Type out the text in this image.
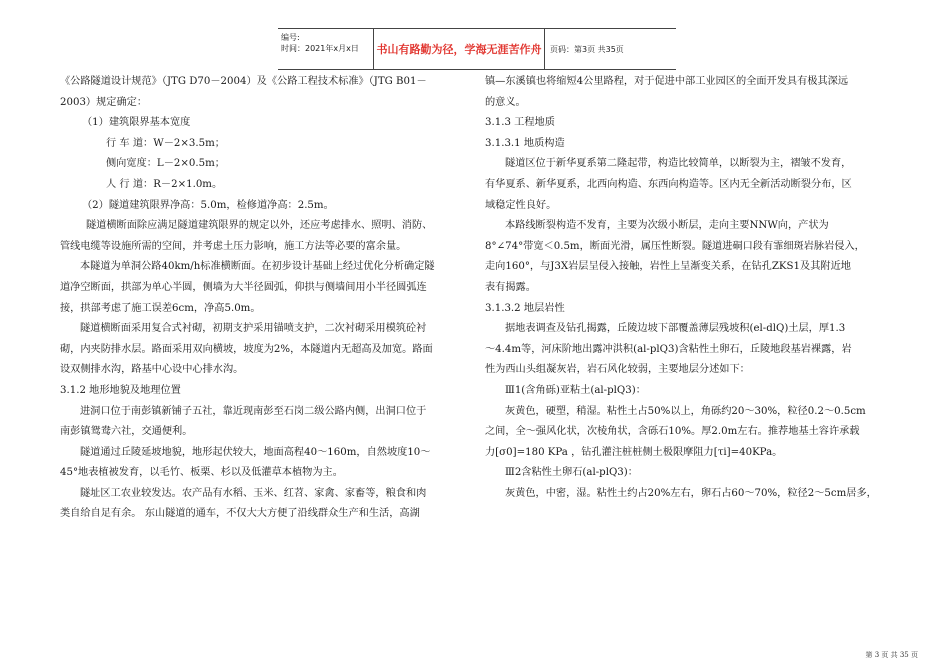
编号:
时间：2021年x月x日	书山有路勤为径，学海无涯苦作舟	页码：第3页 共35页

《公路隧道设计规范》（JTG D70－2004）及《公路工程技术标准》（JTG B01－

2003）规定确定：

（1）建筑限界基本宽度

行 车 道：W－2×3.5m；

侧向宽度：L－2×0.5m；

人 行 道：R－2×1.0m。

（2）隧道建筑限界净高：5.0m，检修道净高：2.5m。

隧道横断面除应满足隧道建筑限界的规定以外，还应考虑排水、照明、消防、

管线电缆等设施所需的空间，并考虑土压力影响，施工方法等必要的富余量。

本隧道为单洞公路40km/h标准横断面。在初步设计基础上经过优化分析确定隧

道净空断面，拱部为单心半圆，侧墙为大半径圆弧，仰拱与侧墙间用小半径圆弧连

接，拱部考虑了施工误差6cm，净高5.0m。

隧道横断面采用复合式衬砌，初期支护采用锚喷支护，二次衬砌采用模筑砼衬

砌，内夹防排水层。路面采用双向横坡，坡度为2%，本隧道内无超高及加宽。路面

设双侧排水沟，路基中心设中心排水沟。

3.1.2 地形地貌及地理位置

进洞口位于南彭镇新铺子五社，靠近现南彭至石岗二级公路内侧，出洞口位于

南彭镇鸳鸯六社，交通便利。

隧道通过丘陵延坡地貌，地形起伏较大，地面高程40～160m，自然坡度10～

45°地表植被发育，以毛竹、板栗、杉以及低灌草本植物为主。

隧址区工农业较发达。农产品有水稻、玉米、红苕、家禽、家畜等，粮食和肉

类自给自足有余。 东山隧道的通车，不仅大大方便了沿线群众生产和生活，高湖

镇—东溪镇也将缩短4公里路程，对于促进中部工业园区的全面开发具有极其深远

的意义。

3.1.3 工程地质

3.1.3.1 地质构造

隧道区位于新华夏系第二隆起带，构造比较简单，以断裂为主，褶皱不发育，

有华夏系、新华夏系，北西向构造、东西向构造等。区内无全新活动断裂分布，区

域稳定性良好。

本路线断裂构造不发育，主要为次级小断层，走向主要NNW向，产状为

8°∠74°带宽＜0.5m，断面光滑，属压性断裂。隧道进硐口段有霏细斑岩脉岩侵入，

走向160°，与J3X岩层呈侵入接触，岩性上呈渐变关系，在钻孔ZKS1及其附近地

表有揭露。

3.1.3.2 地层岩性

据地表调查及钻孔揭露，丘陵边坡下部覆盖薄层残坡积(el-dlQ)土层，厚1.3

～4.4m等，河床阶地出露冲洪积(al-plQ3)含粘性土卵石，丘陵地段基岩裸露，岩

性为西山头组凝灰岩，岩石风化较弱，主要地层分述如下：

Ⅲ1(含角砾)亚粘土(al-plQ3)：

灰黄色，硬塑，稍湿。粘性土占50%以上，角砾约20～30%，粒径0.2～0.5cm

之间，全～强风化状，次棱角状，含砾石10%。厚2.0m左右。推荐地基土容许承载

力[σ0]=180 KPa ，钻孔灌注桩桩侧土极限摩阻力[τi]=40KPa。

Ⅲ2含粘性土卵石(al-plQ3)：

灰黄色，中密，湿。粘性土约占20%左右，卵石占60～70%，粒径2～5cm居多，

第 3 页 共 35 页
